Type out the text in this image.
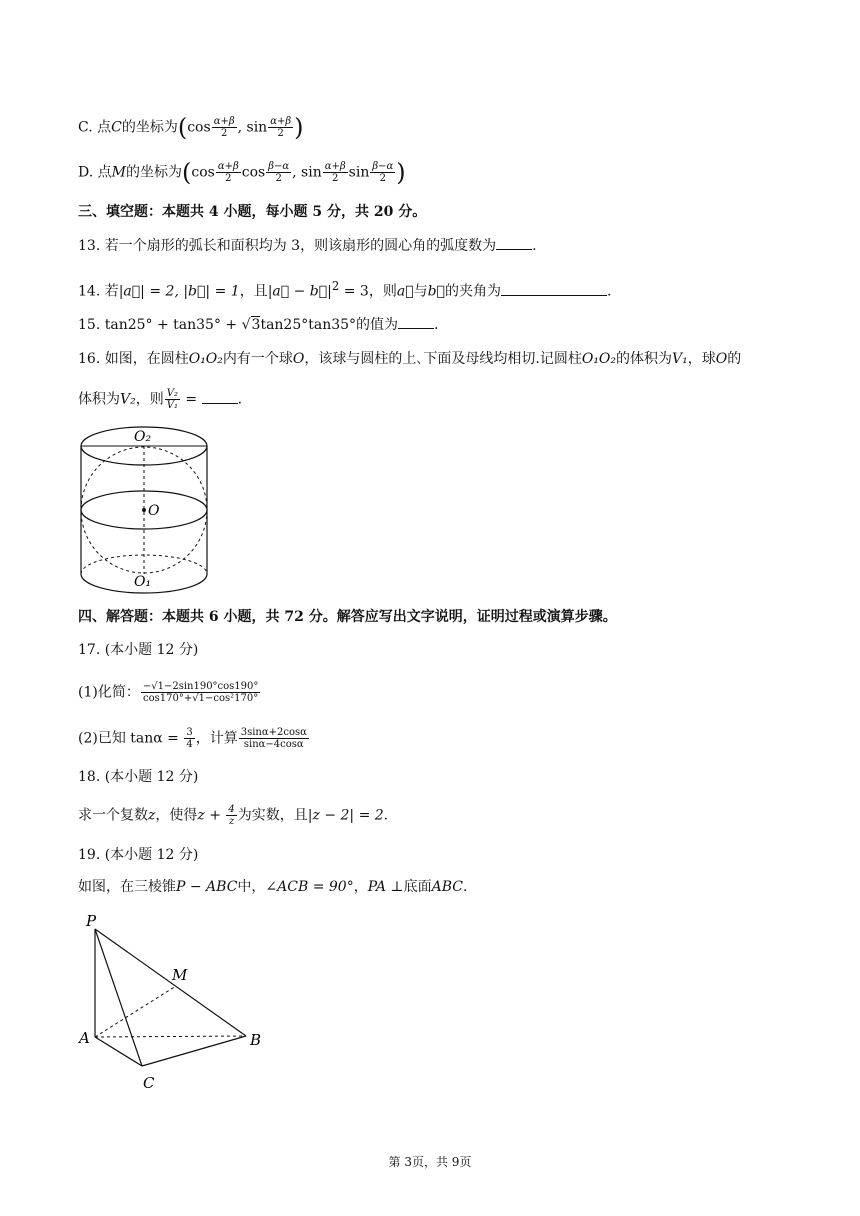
C. 点C的坐标为($\cos \frac{\alpha+\beta}{2}$ , $\sin \frac{\alpha+\beta}{2}$ )
D. 点M的坐标为($\cos \frac{\alpha+\beta}{2}$ $\cos \frac{\beta-\alpha}{2}$ , $\sin \frac{\alpha+\beta}{2}$ $\sin \frac{\beta-\alpha}{2}$ )
三、填空题：本题共 4 小题，每小题 5 分，共 20 分。
13. 若一个扇形的弧长和面积均为 3，则该扇形的圆心角的弧度数为	.
14. 若|a⃗| = 2, |b⃗| = 1，且|a⃗ − $b⃗|^2 = 3$，则a⃗与b⃗的夹角为	.
15. tan25° + tan35° + √3tan25°tan35°的值为	.
16. 如图，在圆柱O₁O₂内有一个球O，该球与圆柱的上､下面及母线均相切.记圆柱O₁O₂的体积为V₁，球O的
体积为V₂，则 $\frac{\text{V₂}}{\text{V₁}}$ =	.
O₂
O
O₁
四、解答题：本题共 6 小题，共 72 分。解答应写出文字说明，证明过程或演算步骤。
17. (本小题 12 分)
(1)化简： $\frac{-√1-2\sin 190^\circ\cos 190^\circ}{\text{cos170°+√1−cos²170°}}$
(2)已知 $\tan\alpha = \frac{3}{4}$ ，计算 $\frac{3\sin\alpha+2\cos\alpha}{\sin\alpha-4\cos\alpha}$
18. (本小题 12 分)
求一个复数z，使得$z + \frac{4}{z}$ 为实数，且|z − 2| = 2.
19. (本小题 12 分)
如图，在三棱锥P − ABC中，∠ACB = 90°，PA ⊥底面ABC.
P
M
A	B
C
第 3页，共 9页
